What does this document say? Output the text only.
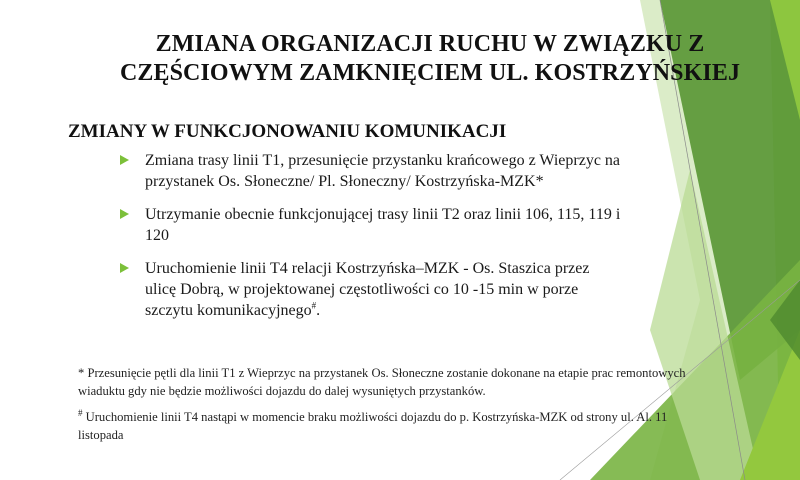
ZMIANA ORGANIZACJI RUCHU W ZWIĄZKU Z
CZĘŚCIOWYM ZAMKNIĘCIEM UL. KOSTRZYŃSKIEJ
ZMIANY W FUNKCJONOWANIU KOMUNIKACJI
Zmiana trasy linii T1, przesunięcie przystanku krańcowego z Wieprzyc na
przystanek Os. Słoneczne/ Pl. Słoneczny/ Kostrzyńska-MZK*
Utrzymanie obecnie funkcjonującej trasy linii T2 oraz linii 106, 115, 119 i
120
Uruchomienie linii T4 relacji Kostrzyńska–MZK - Os. Staszica przez
ulicę Dobrą, w projektowanej częstotliwości co 10 -15 min w porze
szczytu komunikacyjnego#.
* Przesunięcie pętli dla linii T1 z Wieprzyc na przystanek Os. Słoneczne zostanie dokonane na etapie prac remontowych
wiaduktu gdy nie będzie możliwości dojazdu do dalej wysuniętych przystanków.
# Uruchomienie linii T4 nastąpi w momencie braku możliwości dojazdu do p. Kostrzyńska-MZK od strony ul. Al. 11
listopada
